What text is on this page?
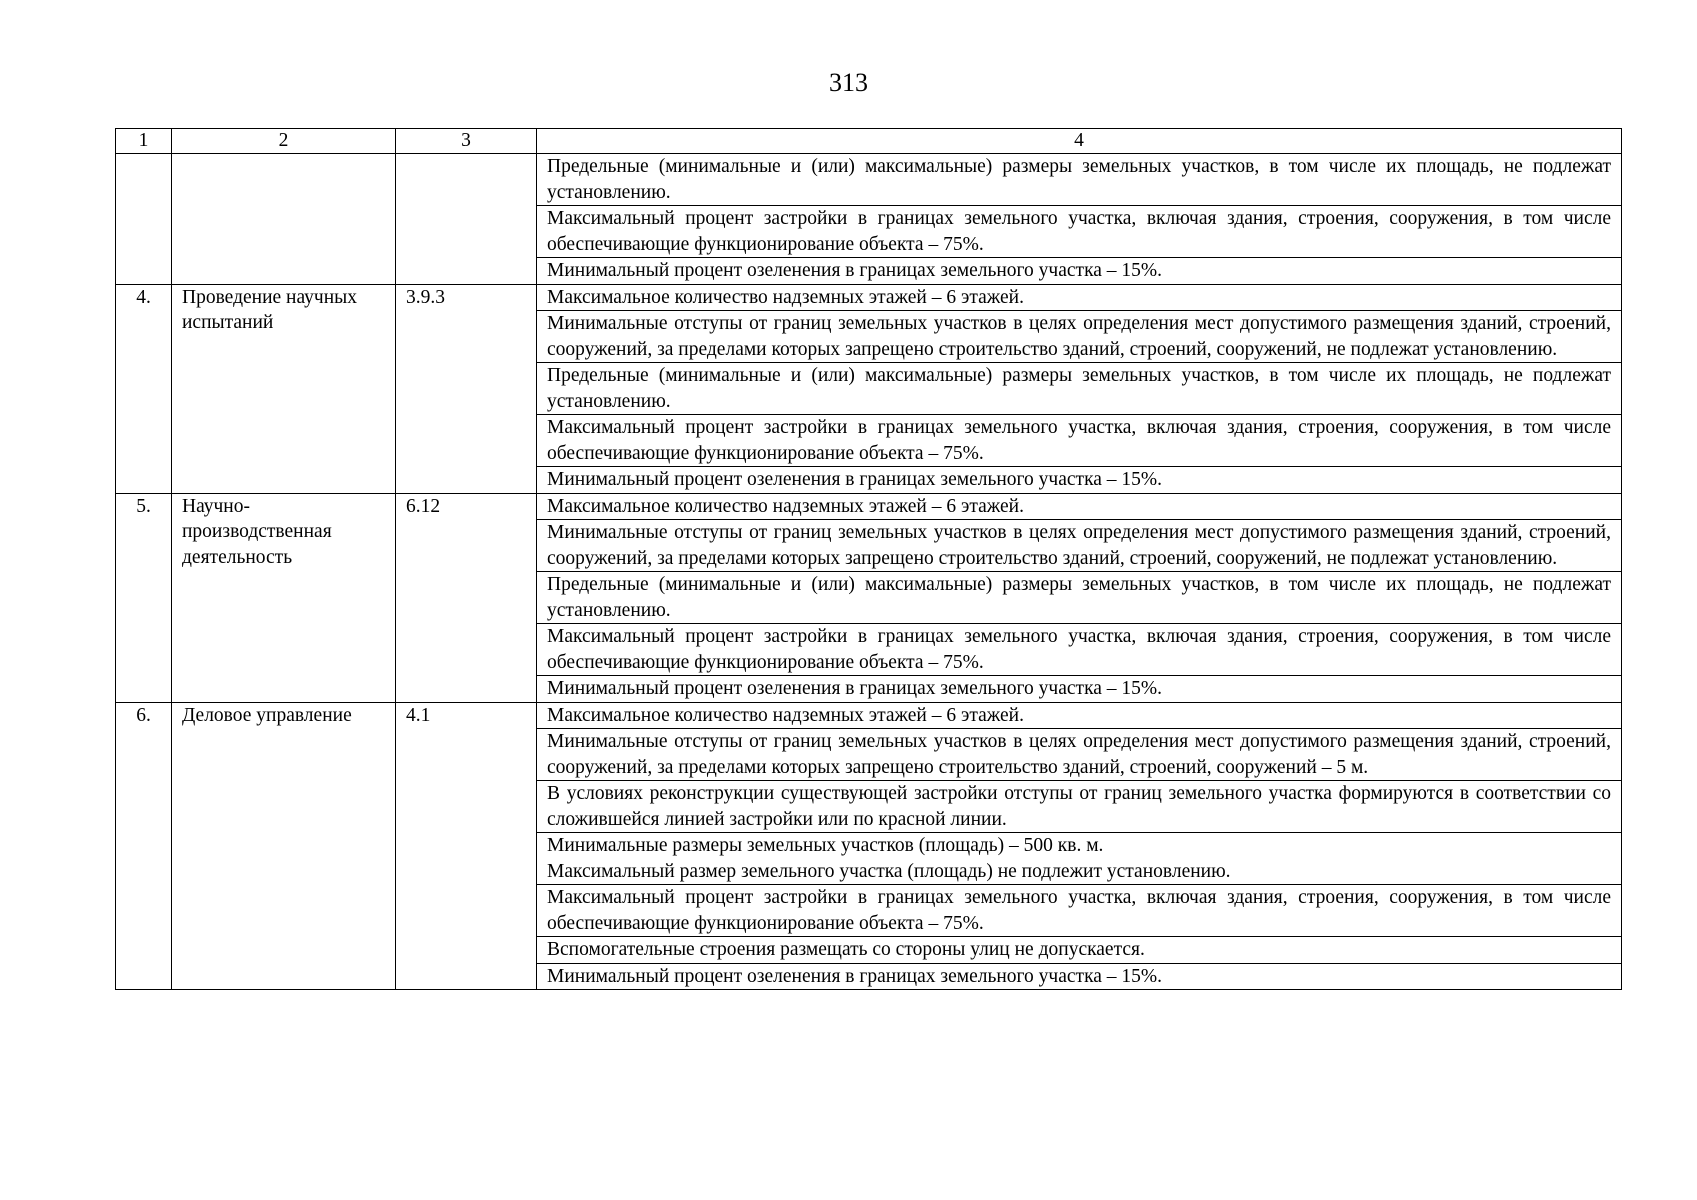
313
1	2	3	4

			Предельные (минимальные и (или) максимальные) размеры земельных участков, в том числе их площадь, не подлежат установлению.

			Максимальный процент застройки в границах земельного участка, включая здания, строения, сооружения, в том числе обеспечивающие функционирование объекта – 75%.

			Минимальный процент озеленения в границах земельного участка – 15%.

4.	Проведение научных испытаний	3.9.3	Максимальное количество надземных этажей – 6 этажей.

			Минимальные отступы от границ земельных участков в целях определения мест допустимого размещения зданий, строений, сооружений, за пределами которых запрещено строительство зданий, строений, сооружений, не подлежат установлению.

			Предельные (минимальные и (или) максимальные) размеры земельных участков, в том числе их площадь, не подлежат установлению.

			Максимальный процент застройки в границах земельного участка, включая здания, строения, сооружения, в том числе обеспечивающие функционирование объекта – 75%.

			Минимальный процент озеленения в границах земельного участка – 15%.

5.	Научно-производственная деятельность	6.12	Максимальное количество надземных этажей – 6 этажей.

			Минимальные отступы от границ земельных участков в целях определения мест допустимого размещения зданий, строений, сооружений, за пределами которых запрещено строительство зданий, строений, сооружений, не подлежат установлению.

			Предельные (минимальные и (или) максимальные) размеры земельных участков, в том числе их площадь, не подлежат установлению.

			Максимальный процент застройки в границах земельного участка, включая здания, строения, сооружения, в том числе обеспечивающие функционирование объекта – 75%.

			Минимальный процент озеленения в границах земельного участка – 15%.

6.	Деловое управление	4.1	Максимальное количество надземных этажей – 6 этажей.

			Минимальные отступы от границ земельных участков в целях определения мест допустимого размещения зданий, строений, сооружений, за пределами которых запрещено строительство зданий, строений, сооружений – 5 м.

			В условиях реконструкции существующей застройки отступы от границ земельного участка формируются в соответствии со сложившейся линией застройки или по красной линии.

			Минимальные размеры земельных участков (площадь) – 500 кв. м.
Максимальный размер земельного участка (площадь) не подлежит установлению.

			Максимальный процент застройки в границах земельного участка, включая здания, строения, сооружения, в том числе обеспечивающие функционирование объекта – 75%.

			Вспомогательные строения размещать со стороны улиц не допускается.

			Минимальный процент озеленения в границах земельного участка – 15%.
